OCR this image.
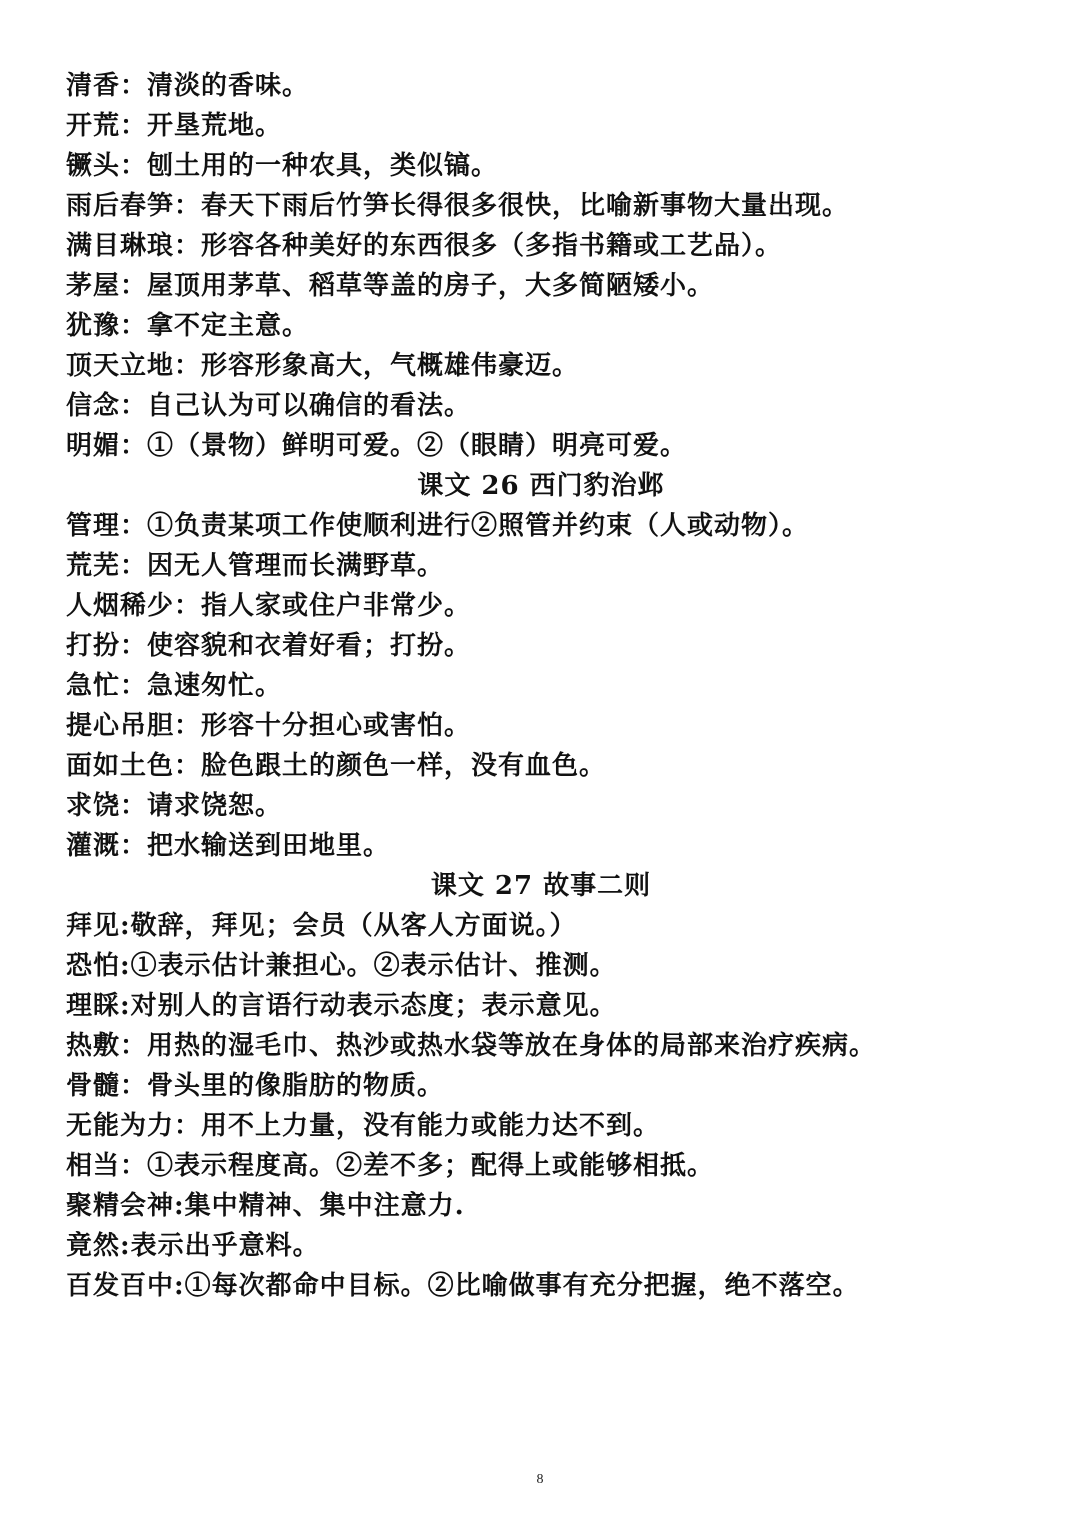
清香：清淡的香味。
开荒：开垦荒地。
镢头：刨土用的一种农具，类似镐。
雨后春笋：春天下雨后竹笋长得很多很快，比喻新事物大量出现。
满目琳琅：形容各种美好的东西很多（多指书籍或工艺品）。
茅屋：屋顶用茅草、稻草等盖的房子，大多简陋矮小。
犹豫：拿不定主意。
顶天立地：形容形象高大，气概雄伟豪迈。
信念：自己认为可以确信的看法。
明媚：①（景物）鲜明可爱。②（眼睛）明亮可爱。
课文 26 西门豹治邺
管理：①负责某项工作使顺利进行②照管并约束（人或动物）。
荒芜：因无人管理而长满野草。
人烟稀少：指人家或住户非常少。
打扮：使容貌和衣着好看；打扮。
急忙：急速匆忙。
提心吊胆：形容十分担心或害怕。
面如土色：脸色跟土的颜色一样，没有血色。
求饶：请求饶恕。
灌溉：把水输送到田地里。
课文 27 故事二则
拜见:敬辞，拜见；会员（从客人方面说。）
恐怕:①表示估计兼担心。②表示估计、推测。
理睬:对别人的言语行动表示态度；表示意见。
热敷：用热的湿毛巾、热沙或热水袋等放在身体的局部来治疗疾病。
骨髓：骨头里的像脂肪的物质。
无能为力：用不上力量，没有能力或能力达不到。
相当：①表示程度高。②差不多；配得上或能够相抵。
聚精会神:集中精神、集中注意力.
竟然:表示出乎意料。
百发百中:①每次都命中目标。②比喻做事有充分把握，绝不落空。
8
